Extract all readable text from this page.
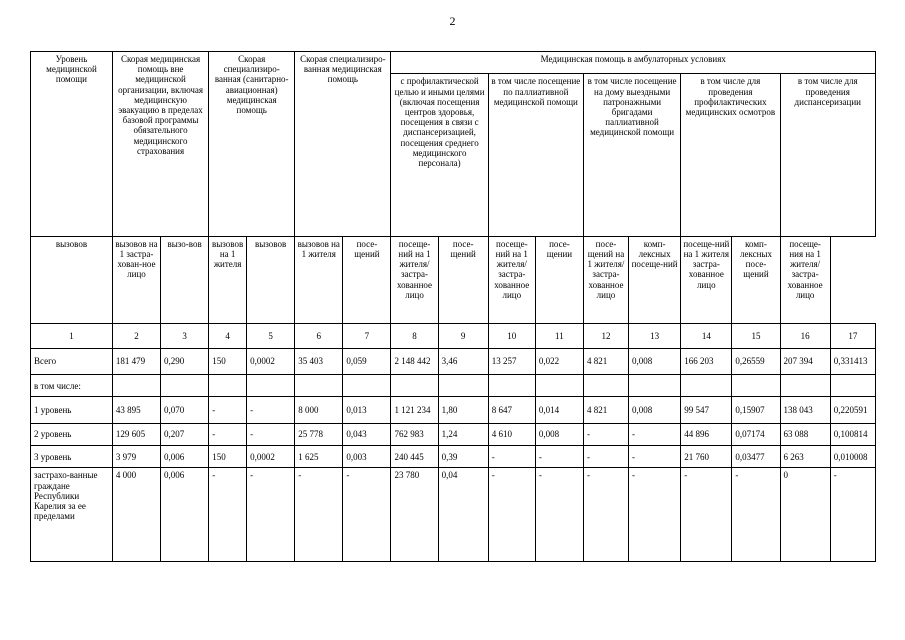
2
Уровень медицинской помощи	Скорая медицинская помощь вне медицинской организации, включая медицинскую эвакуацию в пределах базовой программы обязательного медицинского страхования		Скорая специализиро-ванная (санитарно-авиационная) медицинская помощь		Скорая специализиро-ванная медицинская помощь		Медицинская помощь в амбулаторных условиях									
							с профилактической целью и иными целями (включая посещения центров здоровья, посещения в связи с диспансеризацией, посещения среднего медицинского персонала)		в том числе посещение по паллиативной медицинской помощи		в том числе посещение на дому выездными патронажными бригадами паллиативной медицинской помощи		в том числе для проведения профилактических медицинских осмотров		в том числе для проведения диспансеризации	
вызовов	вызовов на 1 застра-хован-ное лицо	вызо-вов	вызовов на 1 жителя	вызовов	вызовов на 1 жителя	посе-щений	посеще-ний на 1 жителя/ застра-хованное лицо	посе-щений	посеще-ний на 1 жителя/ застра-хованное лицо	посе-щении	посе-щений на 1 жителя/ застра-хованное лицо	комп-лексных посеще-ний	посеще-ний на 1 жителя застра-хованное лицо	комп-лексных посе-щений	посеще-ния на 1 жителя/ застра-хованное лицо	
1	2	3	4	5	6	7	8	9	10	11	12	13	14	15	16	17
Всего	181 479	0,290	150	0,0002	35 403	0,059	2 148 442	3,46	13 257	0,022	4 821	0,008	166 203	0,26559	207 394	0,331413
в том числе:																
1 уровень	43 895	0,070	-	-	8 000	0,013	1 121 234	1,80	8 647	0,014	4 821	0,008	99 547	0,15907	138 043	0,220591
2 уровень	129 605	0,207	-	-	25 778	0,043	762 983	1,24	4 610	0,008	-	-	44 896	0,07174	63 088	0,100814
3 уровень	3 979	0,006	150	0,0002	1 625	0,003	240 445	0,39	-	-	-	-	21 760	0,03477	6 263	0,010008
застрахо-ванные граждане Республики Карелия за ее пределами	4 000	0,006	-	-	-	-	23 780	0,04	-	-	-	-	-	-	0	-
